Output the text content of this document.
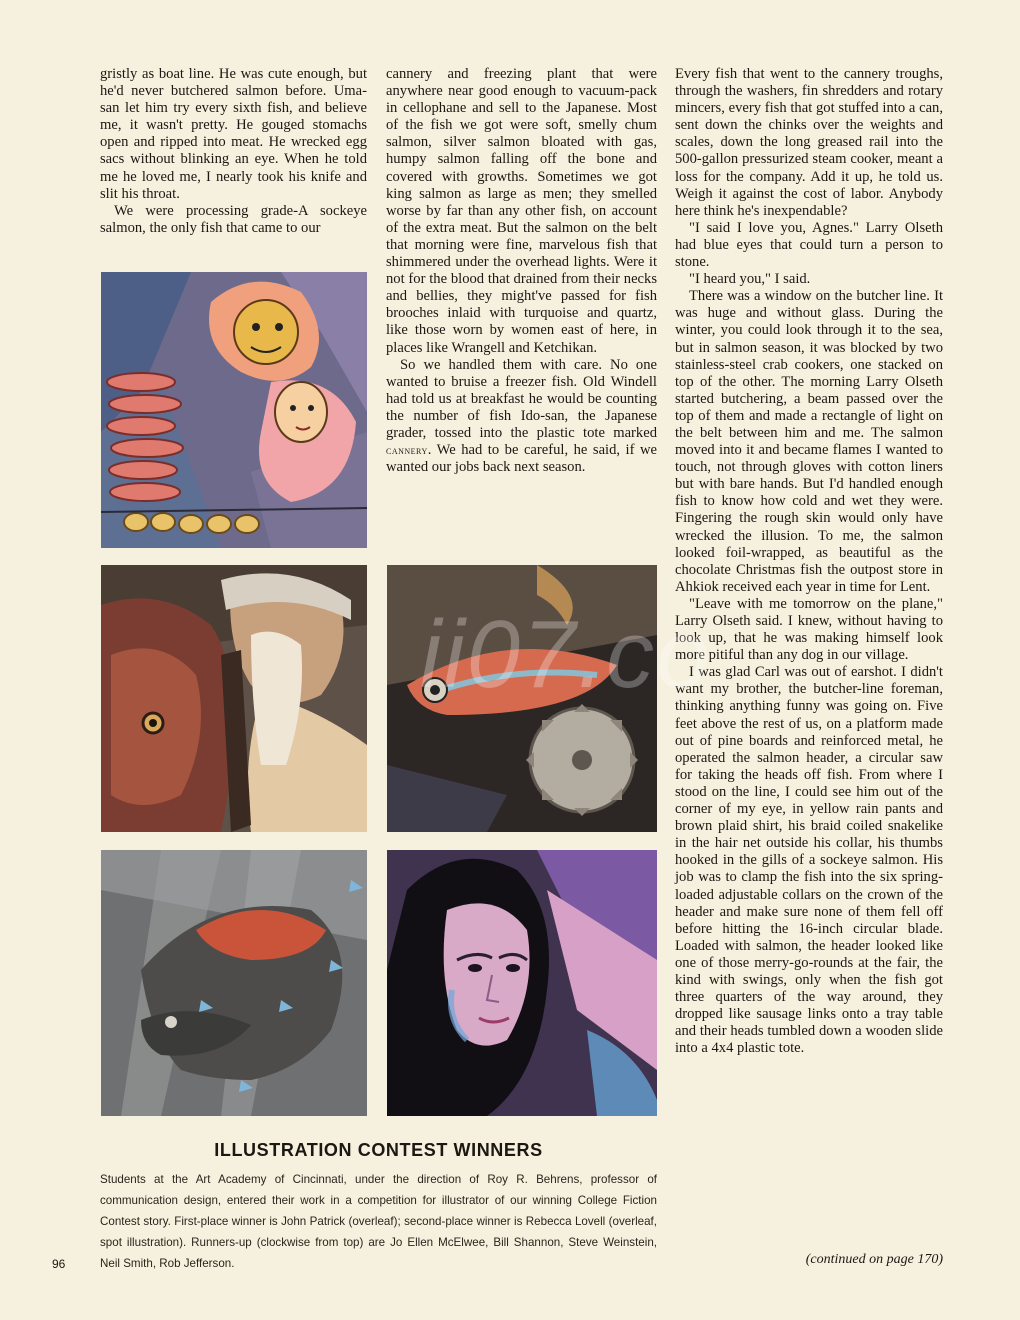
gristly as boat line. He was cute enough, but he'd never butchered salmon before. Uma-san let him try every sixth fish, and believe me, it wasn't pretty. He gouged stomachs open and ripped into meat. He wrecked egg sacs without blinking an eye. When he told me he loved me, I nearly took his knife and slit his throat.

We were processing grade-A sockeye salmon, the only fish that came to our

cannery and freezing plant that were anywhere near good enough to vacuum-pack in cellophane and sell to the Japanese. Most of the fish we got were soft, smelly chum salmon, silver salmon bloated with gas, humpy salmon falling off the bone and covered with growths. Sometimes we got king salmon as large as men; they smelled worse by far than any other fish, on account of the extra meat. But the salmon on the belt that morning were fine, marvelous fish that shimmered under the overhead lights. Were it not for the blood that drained from their necks and bellies, they might've passed for fish brooches inlaid with turquoise and quartz, like those worn by women east of here, in places like Wrangell and Ketchikan.

So we handled them with care. No one wanted to bruise a freezer fish. Old Windell had told us at breakfast he would be counting the number of fish Ido-san, the Japanese grader, tossed into the plastic tote marked cannery. We had to be careful, he said, if we wanted our jobs back next season.

Every fish that went to the cannery troughs, through the washers, fin shredders and rotary mincers, every fish that got stuffed into a can, sent down the chinks over the weights and scales, down the long greased rail into the 500-gallon pressurized steam cooker, meant a loss for the company. Add it up, he told us. Weigh it against the cost of labor. Anybody here think he's inexpendable?

"I said I love you, Agnes." Larry Olseth had blue eyes that could turn a person to stone.

"I heard you," I said.

There was a window on the butcher line. It was huge and without glass. During the winter, you could look through it to the sea, but in salmon season, it was blocked by two stainless-steel crab cookers, one stacked on top of the other. The morning Larry Olseth started butchering, a beam passed over the top of them and made a rectangle of light on the belt between him and me. The salmon moved into it and became flames I wanted to touch, not through gloves with cotton liners but with bare hands. But I'd handled enough fish to know how cold and wet they were. Fingering the rough skin would only have wrecked the illusion. To me, the salmon looked foil-wrapped, as beautiful as the chocolate Christmas fish the outpost store in Ahkiok received each year in time for Lent.

"Leave with me tomorrow on the plane," Larry Olseth said. I knew, without having to look up, that he was making himself look more pitiful than any dog in our village.

I was glad Carl was out of earshot. I didn't want my brother, the butcher-line foreman, thinking anything funny was going on. Five feet above the rest of us, on a platform made out of pine boards and reinforced metal, he operated the salmon header, a circular saw for taking the heads off fish. From where I stood on the line, I could see him out of the corner of my eye, in yellow rain pants and brown plaid shirt, his braid coiled snakelike in the hair net outside his collar, his thumbs hooked in the gills of a sockeye salmon. His job was to clamp the fish into the six spring-loaded adjustable collars on the crown of the header and make sure none of them fell off before hitting the 16-inch circular blade. Loaded with salmon, the header looked like one of those merry-go-rounds at the fair, the kind with swings, only when the fish got three quarters of the way around, they dropped like sausage links onto a tray table and their heads tumbled down a wooden slide into a 4x4 plastic tote.

ii07.co
ILLUSTRATION CONTEST WINNERS
Students at the Art Academy of Cincinnati, under the direction of Roy R. Behrens, professor of communication design, entered their work in a competition for illustrator of our winning College Fiction Contest story. First-place winner is John Patrick (overleaf); second-place winner is Rebecca Lovell (overleaf, spot illustration). Runners-up (clockwise from top) are Jo Ellen McElwee, Bill Shannon, Steve Weinstein, Neil Smith, Rob Jefferson.
96	(continued on page 170)
